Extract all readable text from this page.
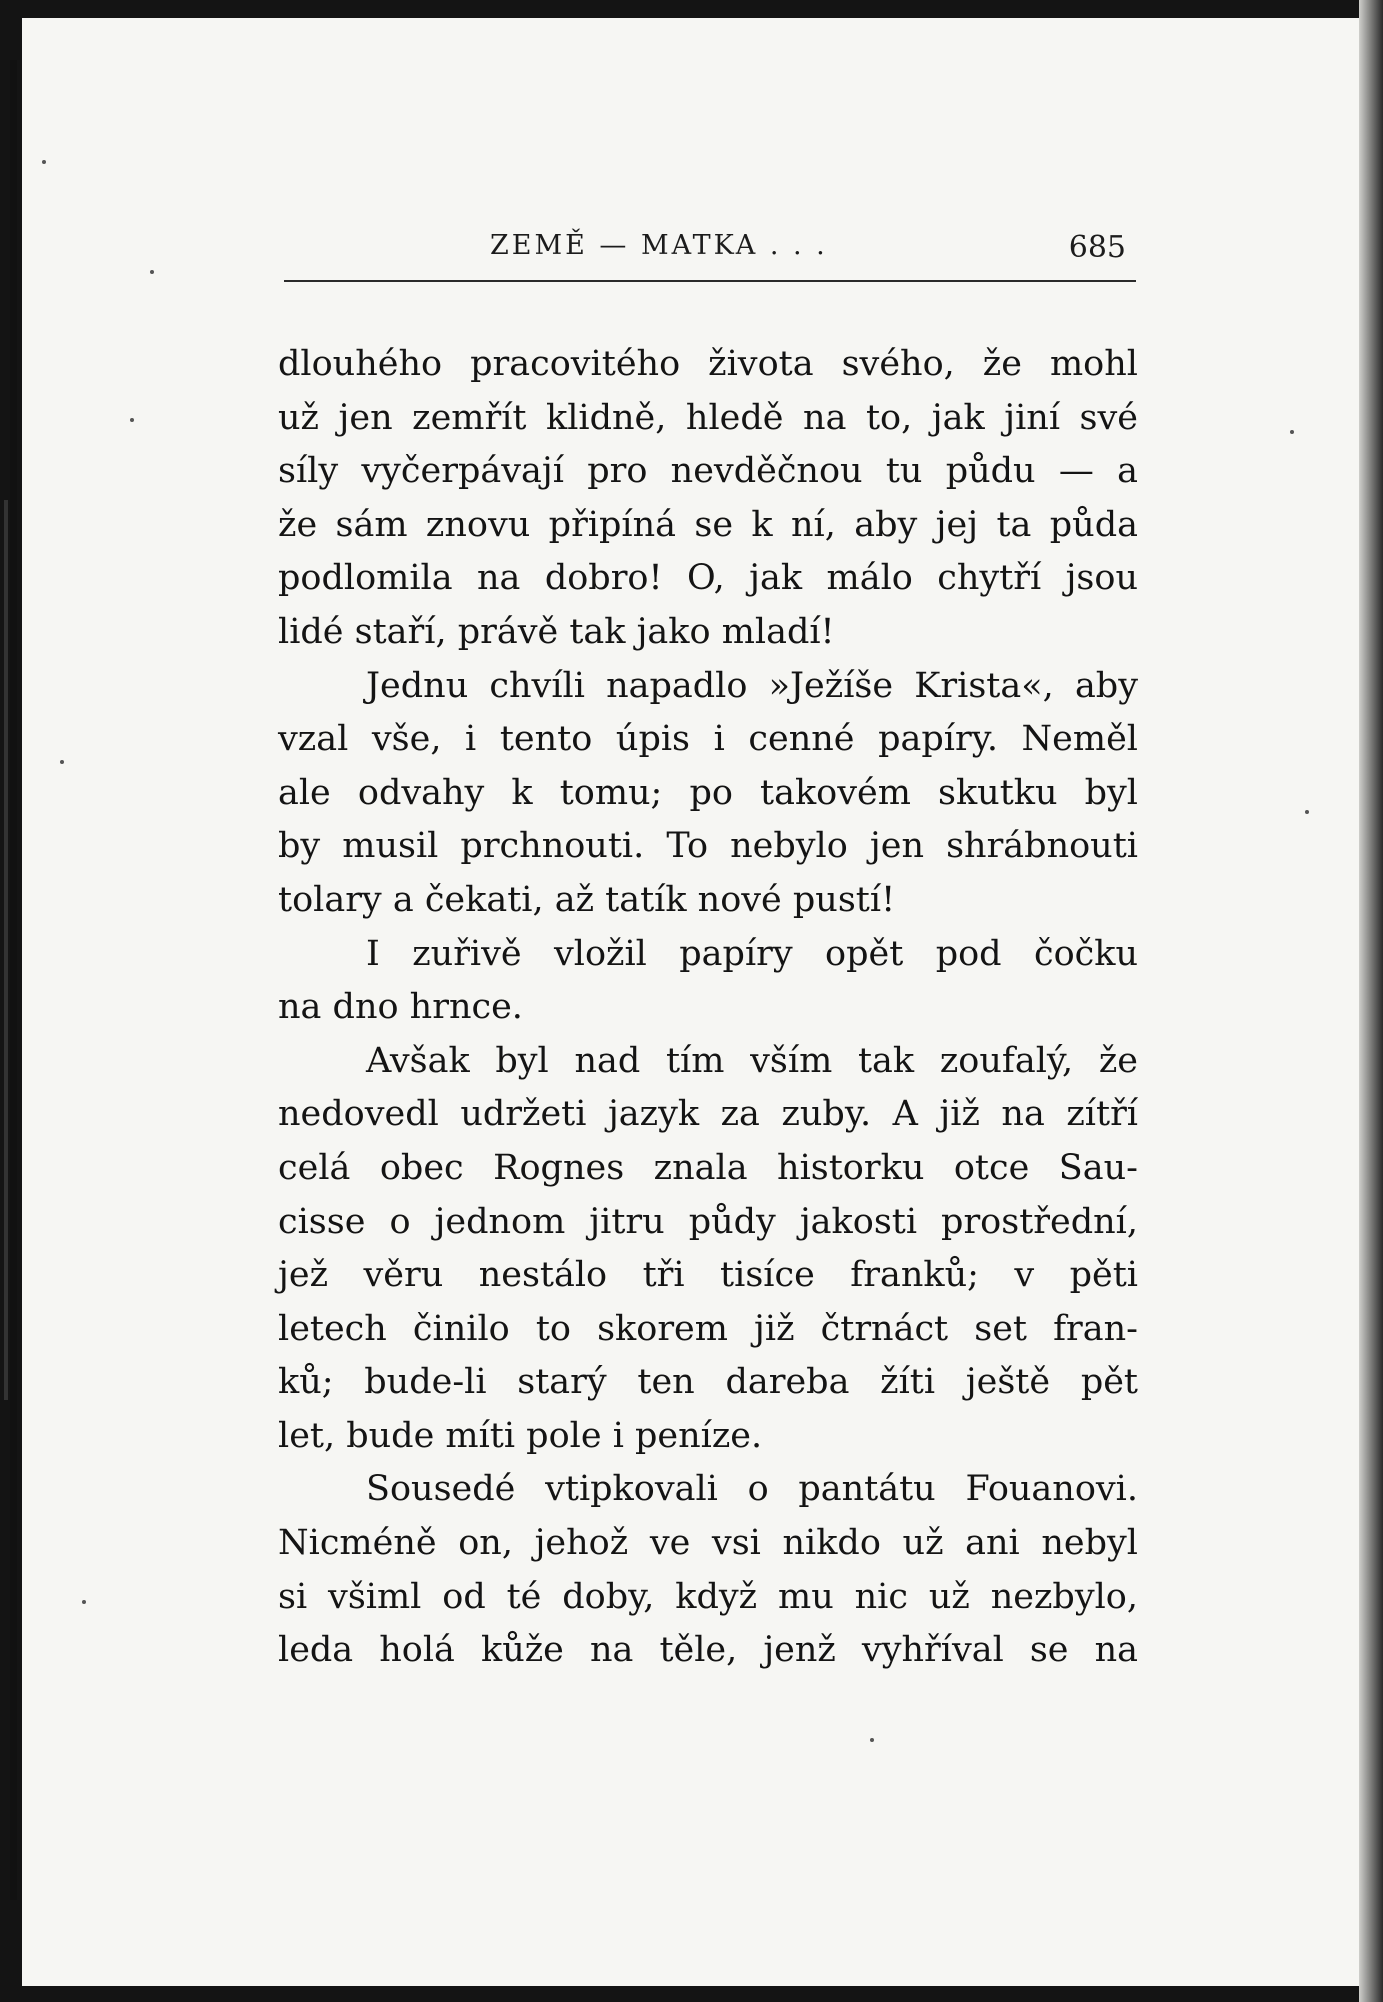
ZEMĚ — MATKA . . .	685
dlouhého pracovitého života svého, že mohl
už jen zemřít klidně, hledě na to, jak jiní své
síly vyčerpávají pro nevděčnou tu půdu — a
že sám znovu připíná se k ní, aby jej ta půda
podlomila na dobro! O, jak málo chytří jsou
lidé staří, právě tak jako mladí!
Jednu chvíli napadlo »Ježíše Krista«, aby
vzal vše, i tento úpis i cenné papíry. Neměl
ale odvahy k tomu; po takovém skutku byl
by musil prchnouti. To nebylo jen shrábnouti
tolary a čekati, až tatík nové pustí!
I zuřivě vložil papíry opět pod čočku
na dno hrnce.
Avšak byl nad tím vším tak zoufalý, že
nedovedl udržeti jazyk za zuby. A již na zítří
celá obec Rognes znala historku otce Sau-
cisse o jednom jitru půdy jakosti prostřední,
jež věru nestálo tři tisíce franků; v pěti
letech činilo to skorem již čtrnáct set fran-
ků; bude-li starý ten dareba žíti ještě pět
let, bude míti pole i peníze.
Sousedé vtipkovali o pantátu Fouanovi.
Nicméně on, jehož ve vsi nikdo už ani nebyl
si všiml od té doby, když mu nic už nezbylo,
leda holá kůže na těle, jenž vyhříval se na
